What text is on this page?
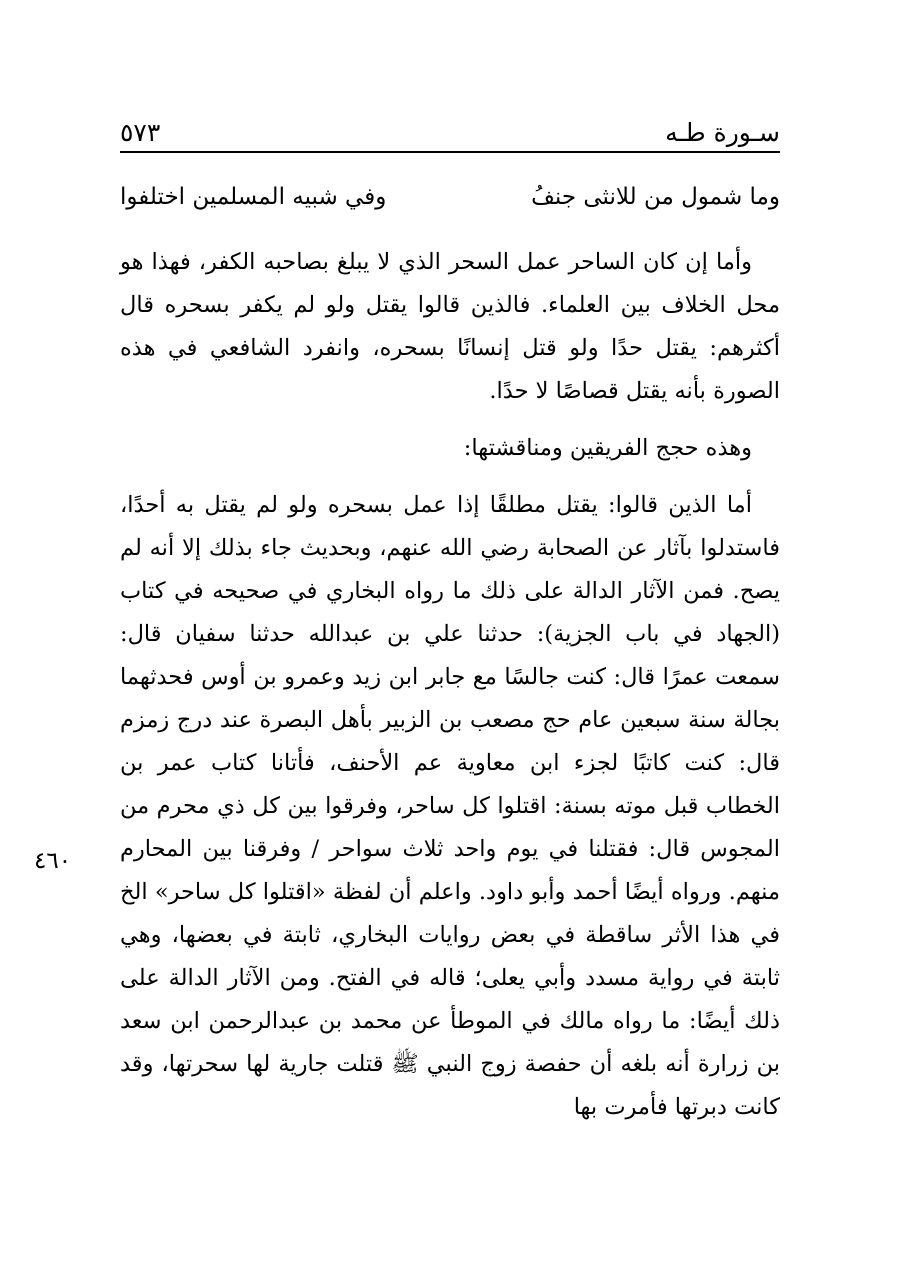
سـورة طـه
٥٧٣
٤٦٠
وما شمول من للانثى جنفُ
وفي شبيه المسلمين اختلفوا

وأما إن كان الساحر عمل السحر الذي لا يبلغ بصاحبه الكفر، فهذا هو محل الخلاف بين العلماء. فالذين قالوا يقتل ولو لم يكفر بسحره قال أكثرهم: يقتل حدًا ولو قتل إنسانًا بسحره، وانفرد الشافعي في هذه الصورة بأنه يقتل قصاصًا لا حدًا.

وهذه حجج الفريقين ومناقشتها:

أما الذين قالوا: يقتل مطلقًا إذا عمل بسحره ولو لم يقتل به أحدًا، فاستدلوا بآثار عن الصحابة رضي الله عنهم، وبحديث جاء بذلك إلا أنه لم يصح. فمن الآثار الدالة على ذلك ما رواه البخاري في صحيحه في كتاب (الجهاد في باب الجزية): حدثنا علي بن عبدالله حدثنا سفيان قال: سمعت عمرًا قال: كنت جالسًا مع جابر ابن زيد وعمرو بن أوس فحدثهما بجالة سنة سبعين عام حج مصعب بن الزبير بأهل البصرة عند درج زمزم قال: كنت كاتبًا لجزء ابن معاوية عم الأحنف، فأتانا كتاب عمر بن الخطاب قبل موته بسنة: اقتلوا كل ساحر، وفرقوا بين كل ذي محرم من المجوس قال: فقتلنا في يوم واحد ثلاث سواحر / وفرقنا بين المحارم منهم. ورواه أيضًا أحمد وأبو داود. واعلم أن لفظة «اقتلوا كل ساحر» الخ في هذا الأثر ساقطة في بعض روايات البخاري، ثابتة في بعضها، وهي ثابتة في رواية مسدد وأبي يعلى؛ قاله في الفتح. ومن الآثار الدالة على ذلك أيضًا: ما رواه مالك في الموطأ عن محمد بن عبدالرحمن ابن سعد بن زرارة أنه بلغه أن حفصة زوج النبي ﷺ قتلت جارية لها سحرتها، وقد كانت دبرتها فأمرت بها
